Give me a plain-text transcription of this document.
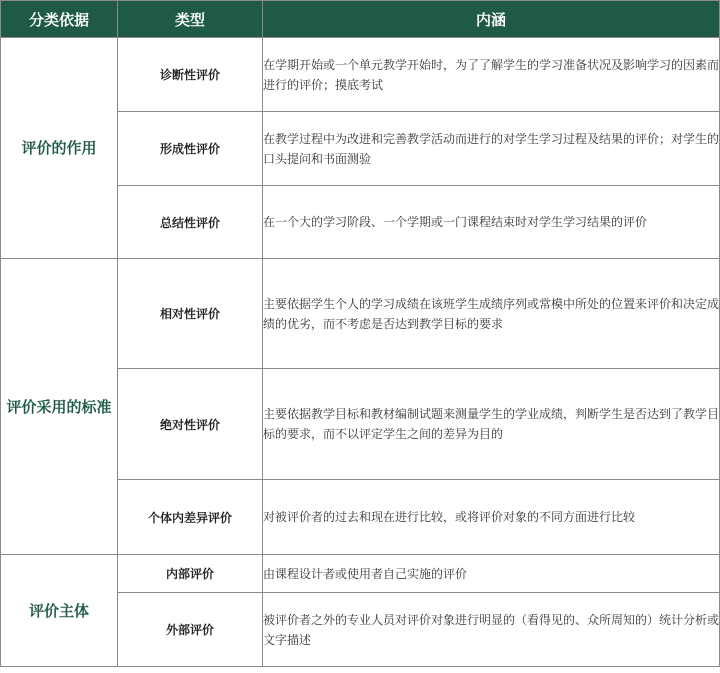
分类依据	类型	内涵
评价的作用	诊断性评价	在学期开始或一个单元教学开始时，为了了解学生的学习准备状况及影响学习的因素而进行的评价；摸底考试
	形成性评价	在教学过程中为改进和完善教学活动而进行的对学生学习过程及结果的评价；对学生的口头提问和书面测验
	总结性评价	在一个大的学习阶段、一个学期或一门课程结束时对学生学习结果的评价
评价采用的标准	相对性评价	主要依据学生个人的学习成绩在该班学生成绩序列或常模中所处的位置来评价和决定成绩的优劣，而不考虑是否达到教学目标的要求
	绝对性评价	主要依据教学目标和教材编制试题来测量学生的学业成绩，判断学生是否达到了教学目标的要求，而不以评定学生之间的差异为目的
	个体内差异评价	对被评价者的过去和现在进行比较，或将评价对象的不同方面进行比较
评价主体	内部评价	由课程设计者或使用者自己实施的评价
	外部评价	被评价者之外的专业人员对评价对象进行明显的（看得见的、众所周知的）统计分析或文字描述
